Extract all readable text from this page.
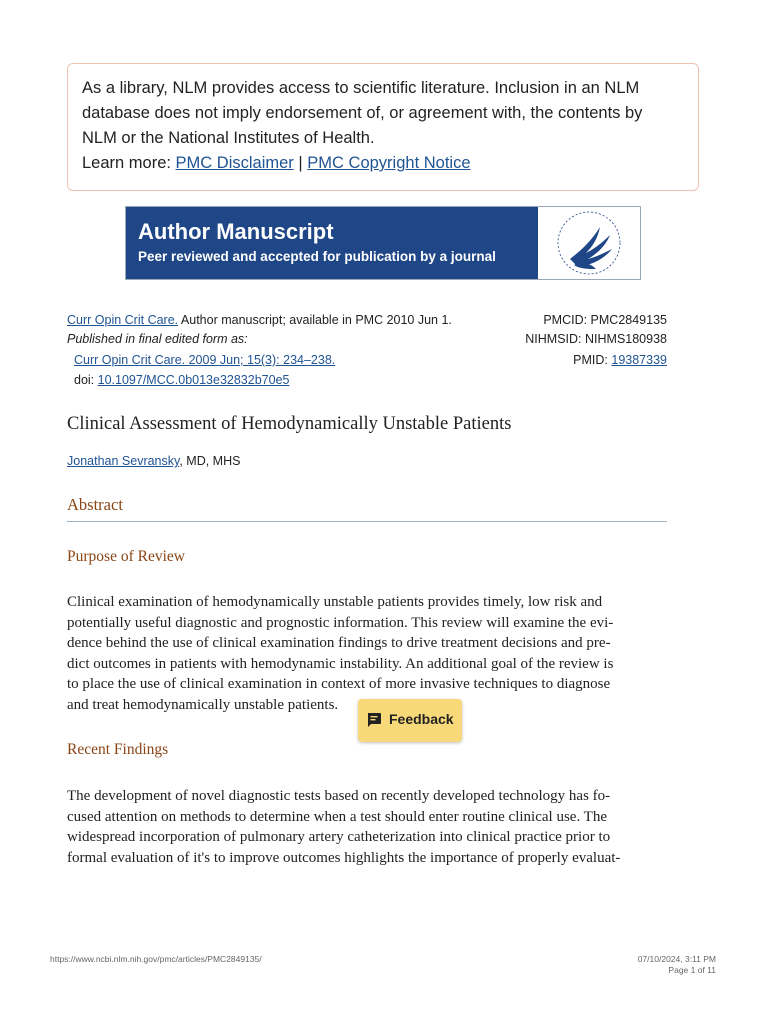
As a library, NLM provides access to scientific literature. Inclusion in an NLM
database does not imply endorsement of, or agreement with, the contents by
NLM or the National Institutes of Health.
Learn more: PMC Disclaimer | PMC Copyright Notice
Author Manuscript
Peer reviewed and accepted for publication by a journal
Curr Opin Crit Care. Author manuscript; available in PMC 2010 Jun 1.
Published in final edited form as:
Curr Opin Crit Care. 2009 Jun; 15(3): 234–238.
doi: 10.1097/MCC.0b013e32832b70e5
PMCID: PMC2849135
NIHMSID: NIHMS180938
PMID: 19387339
Clinical Assessment of Hemodynamically Unstable Patients
Jonathan Sevransky, MD, MHS
Abstract
Purpose of Review
Clinical examination of hemodynamically unstable patients provides timely, low risk and
potentially useful diagnostic and prognostic information. This review will examine the evi-
dence behind the use of clinical examination findings to drive treatment decisions and pre-
dict outcomes in patients with hemodynamic instability. An additional goal of the review is
to place the use of clinical examination in context of more invasive techniques to diagnose
and treat hemodynamically unstable patients.
Recent Findings
The development of novel diagnostic tests based on recently developed technology has fo-
cused attention on methods to determine when a test should enter routine clinical use. The
widespread incorporation of pulmonary artery catheterization into clinical practice prior to
formal evaluation of it's to improve outcomes highlights the importance of properly evaluat-
Feedback
https://www.ncbi.nlm.nih.gov/pmc/articles/PMC2849135/	07/10/2024, 3:11 PM
Page 1 of 11
